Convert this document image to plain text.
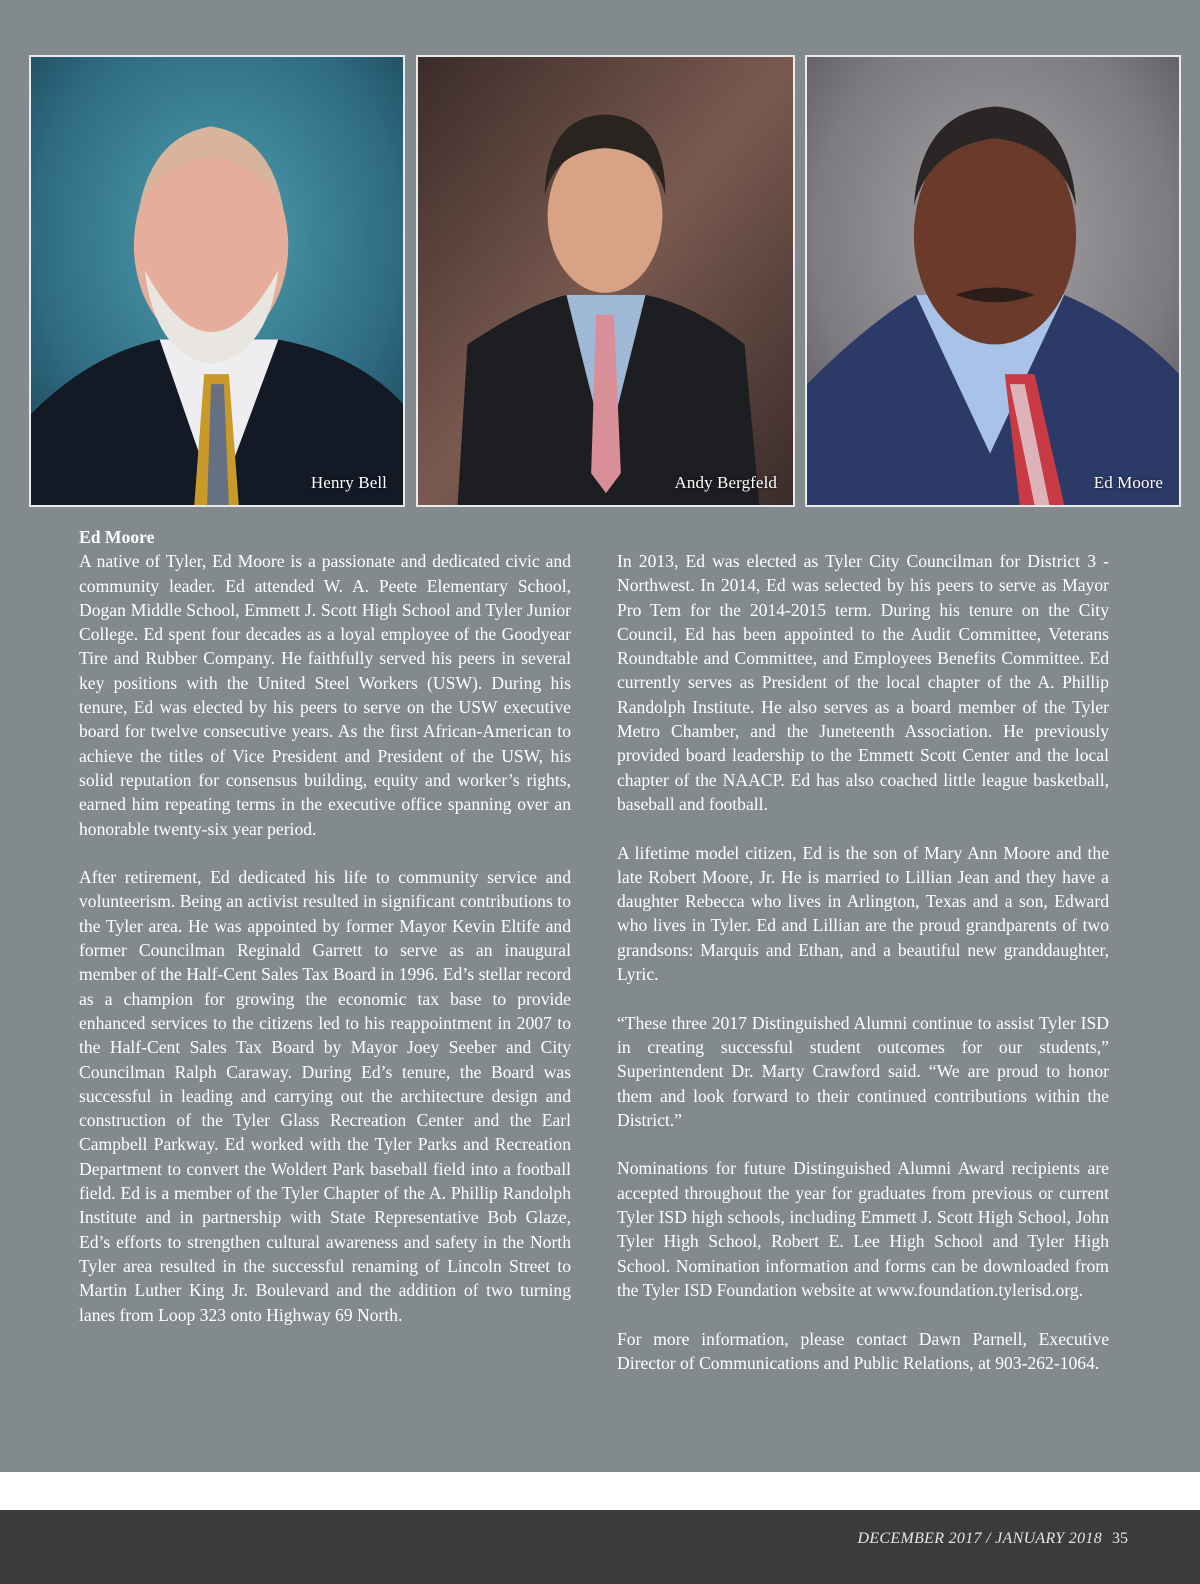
Henry Bell	Andy Bergfeld	Ed Moore
Ed Moore

A native of Tyler, Ed Moore is a passionate and dedicated civic and community leader. Ed attended W. A. Peete Elementary School, Dogan Middle School, Emmett J. Scott High School and Tyler Junior College. Ed spent four decades as a loyal employee of the Goodyear Tire and Rubber Company. He faithfully served his peers in several key positions with the United Steel Workers (USW). During his tenure, Ed was elected by his peers to serve on the USW executive board for twelve consecutive years. As the first African-American to achieve the titles of Vice President and President of the USW, his solid reputation for consensus building, equity and worker’s rights, earned him repeating terms in the executive office spanning over an honorable twenty-six year period.

After retirement, Ed dedicated his life to community service and volunteerism. Being an activist resulted in significant contributions to the Tyler area. He was appointed by former Mayor Kevin Eltife and former Councilman Reginald Garrett to serve as an inaugural member of the Half-Cent Sales Tax Board in 1996. Ed’s stellar record as a champion for growing the economic tax base to provide enhanced services to the citizens led to his reappointment in 2007 to the Half-Cent Sales Tax Board by Mayor Joey Seeber and City Councilman Ralph Caraway. During Ed’s tenure, the Board was successful in leading and carrying out the architecture design and construction of the Tyler Glass Recreation Center and the Earl Campbell Parkway. Ed worked with the Tyler Parks and Recreation Department to convert the Woldert Park baseball field into a football field. Ed is a member of the Tyler Chapter of the A. Phillip Randolph Institute and in partnership with State Representative Bob Glaze, Ed’s efforts to strengthen cultural awareness and safety in the North Tyler area resulted in the successful renaming of Lincoln Street to Martin Luther King Jr. Boulevard and the addition of two turning lanes from Loop 323 onto Highway 69 North.

In 2013, Ed was elected as Tyler City Councilman for District 3 - Northwest. In 2014, Ed was selected by his peers to serve as Mayor Pro Tem for the 2014-2015 term. During his tenure on the City Council, Ed has been appointed to the Audit Committee, Veterans Roundtable and Committee, and Employees Benefits Committee. Ed currently serves as President of the local chapter of the A. Phillip Randolph Institute. He also serves as a board member of the Tyler Metro Chamber, and the Juneteenth Association. He previously provided board leadership to the Emmett Scott Center and the local chapter of the NAACP. Ed has also coached little league basketball, baseball and football.

A lifetime model citizen, Ed is the son of Mary Ann Moore and the late Robert Moore, Jr. He is married to Lillian Jean and they have a daughter Rebecca who lives in Arlington, Texas and a son, Edward who lives in Tyler. Ed and Lillian are the proud grandparents of two grandsons: Marquis and Ethan, and a beautiful new granddaughter, Lyric.

“These three 2017 Distinguished Alumni continue to assist Tyler ISD in creating successful student outcomes for our students,” Superintendent Dr. Marty Crawford said. “We are proud to honor them and look forward to their continued contributions within the District.”

Nominations for future Distinguished Alumni Award recipients are accepted throughout the year for graduates from previous or current Tyler ISD high schools, including Emmett J. Scott High School, John Tyler High School, Robert E. Lee High School and Tyler High School. Nomination information and forms can be downloaded from the Tyler ISD Foundation website at www.foundation.tylerisd.org.

For more information, please contact Dawn Parnell, Executive Director of Communications and Public Relations, at 903-262-1064.

DECEMBER 2017 / JANUARY 2018 35
